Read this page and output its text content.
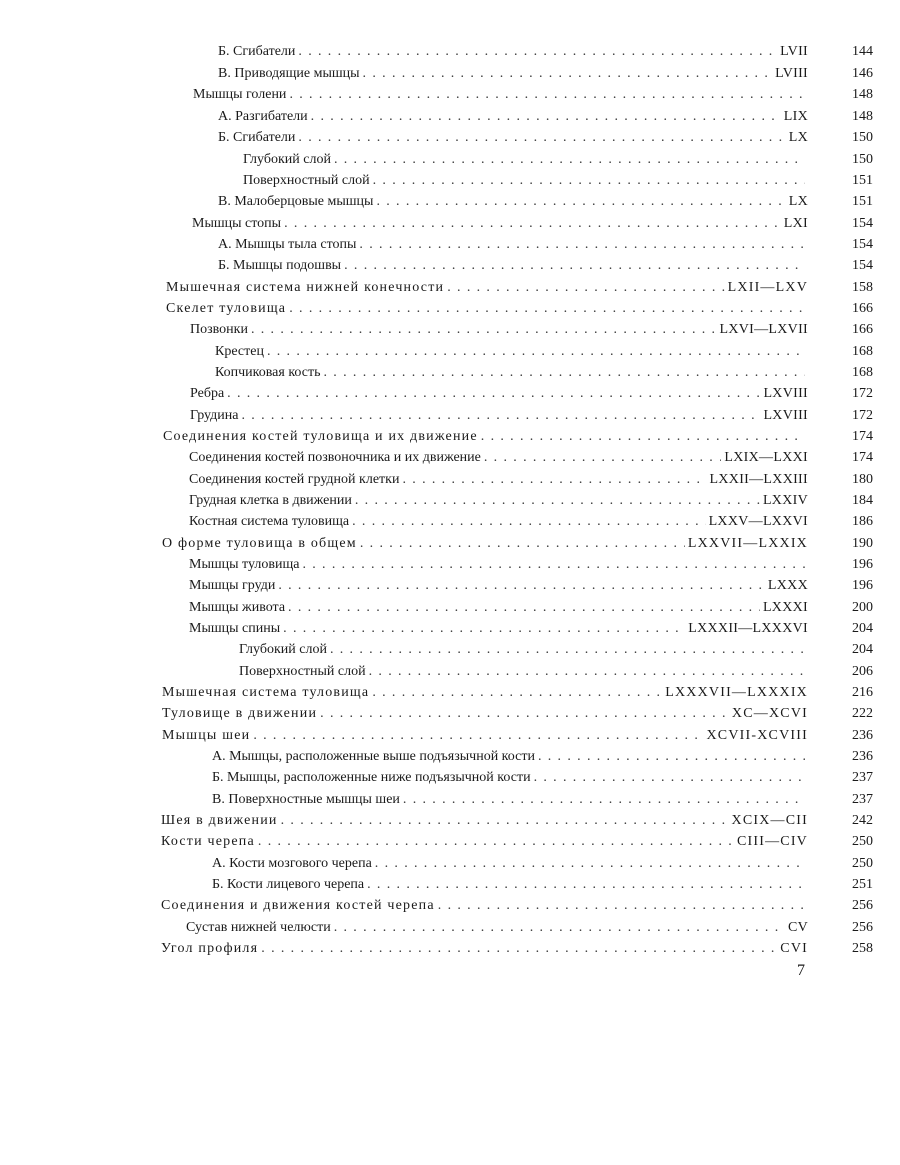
Б. Сгибатели . . .	LVII	144
В. Приводящие мышцы . . .	LVIII	146
Мышцы голени . . .	148
А. Разгибатели . . .	LIX	148
Б. Сгибатели . . .	LX	150
Глубокий слой . . .	150
Поверхностный слой . . .	151
В. Малоберцовые мышцы . . .	LX	151
Мышцы стопы . . .	LXI	154
А. Мышцы тыла стопы . . .	154
Б. Мышцы подошвы . . .	154
Мышечная система нижней конечности . . .	LXII—LXV	158
Скелет туловища . . .	166
Позвонки . . .	LXVI—LXVII	166
Крестец . . .	168
Копчиковая кость . . .	168
Ребра . . .	LXVIII	172
Грудина . . .	LXVIII	172
Соединения костей туловища и их движение . . .	174
Соединения костей позвоночника и их движение . . .	LXIX—LXXI	174
Соединения костей грудной клетки . . .	LXXII—LXXIII	180
Грудная клетка в движении . . .	LXXIV	184
Костная система туловища . . .	LXXV—LXXVI	186
О форме туловища в общем . . .	LXXVII—LXXIX	190
Мышцы туловища . . .	196
Мышцы груди . . .	LXXX	196
Мышцы живота . . .	LXXXI	200
Мышцы спины . . .	LXXXII—LXXXVI	204
Глубокий слой . . .	204
Поверхностный слой . . .	206
Мышечная система туловища . . .	LXXXVII—LXXXIX	216
Туловище в движении . . .	XC—XCVI	222
Мышцы шеи . . .	XCVII-XCVIII	236
А. Мышцы, расположенные выше подъязычной кости . . .	236
Б. Мышцы, расположенные ниже подъязычной кости . . .	237
В. Поверхностные мышцы шеи . . .	237
Шея в движении . . .	XCIX—CII	242
Кости черепа . . .	CIII—CIV	250
А. Кости мозгового черепа . . .	250
Б. Кости лицевого черепа . . .	251
Соединения и движения костей черепа . . .	256
Сустав нижней челюсти . . .	CV	256
Угол профиля . . .	CVI	258
7
